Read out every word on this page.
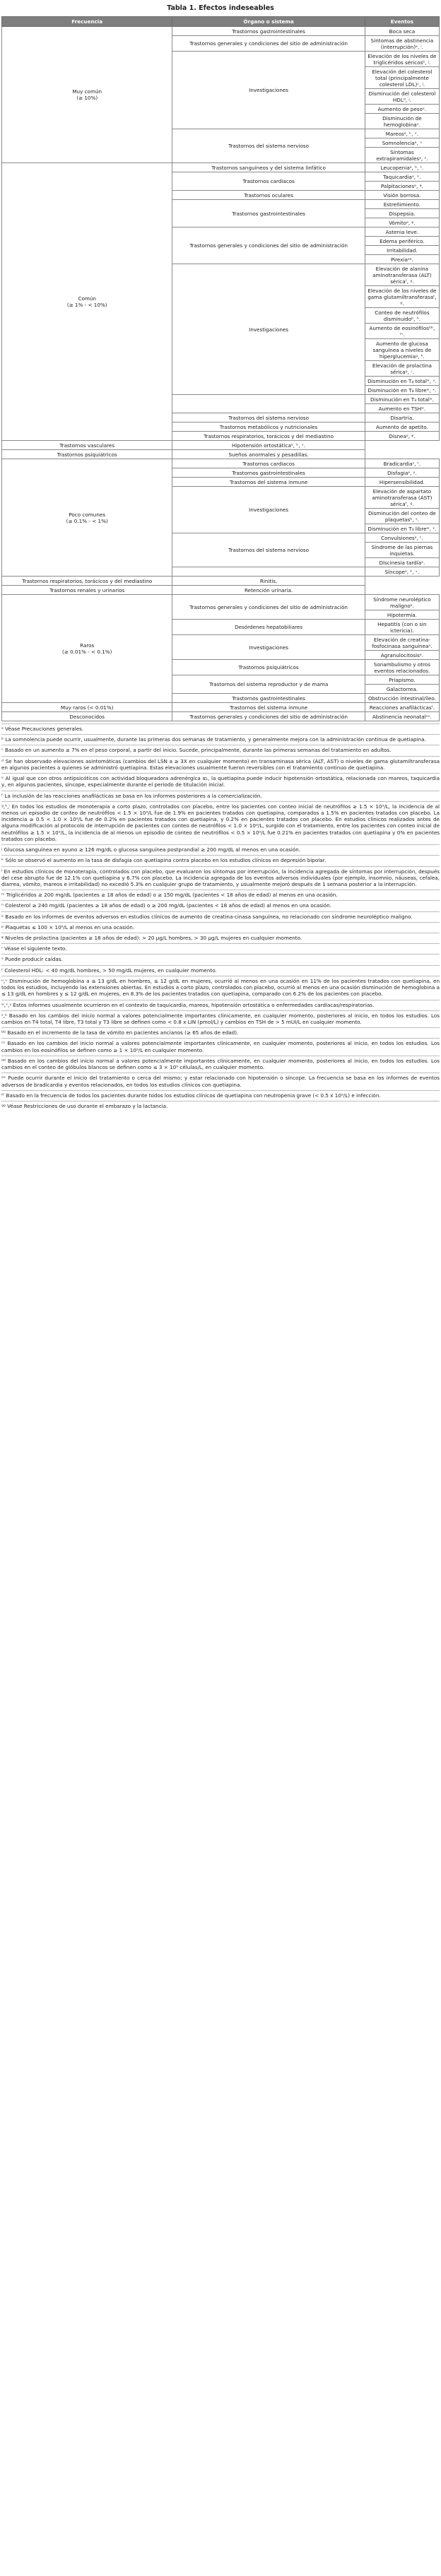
Tabla 1. Efectos indeseables
Frecuencia	Órgano o sistema	Eventos
Muy común
(≥ 10%)	Trastornos gastrointestinales	Boca seca
	Trastornos generales y condiciones del sitio de administración	Síntomas de abstinencia (interrupción)ᵃ, ⁱ.
	Investigaciones	Elevación de los niveles de triglicéridos séricosᵇ, ʲ.
		Elevación del colesterol total (principalmente colesterol LDL)ᶜ, ʲ.
		Disminución del colesterol HDLᵈ, ʲ.
		Aumento de pesoᵉ.
		Disminución de hemoglobinaᵘ.
	Trastornos del sistema nervioso	Mareosᵃ, ᵏ, ᵛ.
		Somnolenciaᵃ, ᵛ
		Síntomas extrapiramidalesᵃ, ᶻ.
Común
(≥ 1% - < 10%)	Trastornos sanguíneos y del sistema linfático	Leucopeniaᵃ, ᵇ, ᵗ.
	Trastornos cardiacos	Taquicardiaᵃ, ᵏ.
		Palpitacionesᵃ, ᵠ.
	Trastornos oculares	Visión borrosa.
	Trastornos gastrointestinales	Estreñimiento.
		Dispepsia.
		Vómitoᵃ, ᵠ.
	Trastornos generales y condiciones del sitio de administración	Astenia leve.
		Edema periférico.
		Irritabilidad.
		Pirexiaᵃᵃ.
	Investigaciones	Elevación de alanina aminotransferasa (ALT) séricaᶠ, ᵍ.
		Elevación de los niveles de gama glutamiltransferasaᶠ, ᵍ.
		Conteo de neutrófilos disminuidoᵇ, ʰ.
		Aumento de eosinófilosᵇᵇ, ᵐ.
		Aumento de glucosa sanguínea a niveles de hiperglucemiaᵍ, ʰ.
		Elevación de prolactina séricaᵖ, ʳ.
		Disminución en T₄ totalʷ, ˣ.
		Disminución en T₄ libreʷ, ˣ.
		Disminución en T₃ totalʷ.
		Aumento en TSHʷ.
	Trastornos del sistema nervioso	Disartria.
	Trastornos metabólicos y nutricionales	Aumento de apetito.
	Trastornos respiratorios, torácicos y del mediastino	Disneaᵃ, ᵠ.
Trastornos vasculares	Hipotensión ortostáticaᵃ, ᵏ, ᵛ.	
Trastornos psiquiátricos	Sueños anormales y pesadillas.	
Poco comunes
(≥ 0.1% - < 1%)	Trastornos cardiacos	Bradicardiaᶻ, ᵗ.
	Trastornos gastrointestinales	Disfagiaᵃ, ʸ.
	Trastornos del sistema inmune	Hipersensibilidad.
	Investigaciones	Elevación de aspartato aminotransferasa (AST) séricaᶠ, ᵍ.
		Disminución del conteo de plaquetasᵇ, ˢ.
		Disminución en T₃ libreʷ, ˣ.
	Trastornos del sistema nervioso	Convulsionesᵃ, ᵗ.
		Síndrome de las piernas inquietas.
		Discinesia tardíaᵃ.
		Síncopeᵃ, ᵏ, ᵛ.
Trastornos respiratorios, torácicos y del mediastino	Rinitis.	
Trastornos renales y urinarios	Retención urinaria.	
Raros
(≥ 0.01% - < 0.1%)	Trastornos generales y condiciones del sitio de administración	Síndrome neuroléptico malignoᵃ.
		Hipotermia.
	Desórdenes hepatobiliares	Hepatitis (con o sin ictericia).
	Investigaciones	Elevación de creatina-fosfocinasa sanguíneaᵃ.
		Agranulocitosisᵃ.
	Trastornos psiquiátricos	Sonambulismo y otros eventos relacionados.
	Trastornos del sistema reproductor y de mama	Priapismo.
		Galactorrea.
	Trastornos gastrointestinales	Obstrucción intestinal/íleo.
Muy raros (< 0.01%)	Trastornos del sistema inmune	Reacciones anafilácticasᶠ.
Desconocidos	Trastornos generales y condiciones del sitio de administración	Abstinencia neonatalᵉᵉ.
ᵃ Véase Precauciones generales.
ᵇ La somnolencia puede ocurrir, usualmente, durante las primeras dos semanas de tratamiento, y generalmente mejora con la administración continua de quetiapina.
ᶜ Basado en un aumento ≥ 7% en el peso corporal, a partir del inicio. Sucede, principalmente, durante las primeras semanas del tratamiento en adultos.
ᵈ Se han observado elevaciones asintomáticas (cambios del LSN a ≥ 3X en cualquier momento) en transaminasa sérica (ALT, AST) o niveles de gama glutamiltransferasa en algunos pacientes a quienes se administró quetiapina. Estas elevaciones usualmente fueron reversibles con el tratamiento continuo de quetiapina.
ᵉ Al igual que con otros antipsicóticos con actividad bloqueadora adrenérgica α₁, la quetiapina puede inducir hipotensión ortostática, relacionada con mareos, taquicardia y, en algunos pacientes, síncope, especialmente durante el periodo de titulación inicial.
ᶠ La inclusión de las reacciones anafilácticas se basa en los informes posteriores a la comercialización.
ᵍ,ʰ,ⁱ En todos los estudios de monoterapia a corto plazo, controlados con placebo, entre los pacientes con conteo inicial de neutrófilos ≥ 1.5 × 10⁹/L, la incidencia de al menos un episodio de conteo de neutrófilos < 1.5 × 10⁹/L fue de 1.9% en pacientes tratados con quetiapina, comparados a 1.5% en pacientes tratados con placebo. La incidencia ≥ 0.5 < 1.0 × 10⁹/L fue de 0.2% en pacientes tratados con quetiapina, y 0.2% en pacientes tratados con placebo. En estudios clínicos realizados antes de alguna modificación al protocolo de interrupción de pacientes con conteo de neutrófilos < 1.0 × 10⁹/L, surgido con el tratamiento, entre los pacientes con conteo inicial de neutrófilos ≥ 1.5 × 10⁹/L, la incidencia de al menos un episodio de conteo de neutrófilos < 0.5 × 10⁹/L fue 0.21% en pacientes tratados con quetiapina y 0% en pacientes tratados con placebo.
ʲ Glucosa sanguínea en ayuno ≥ 126 mg/dL o glucosa sanguínea postprandial ≥ 200 mg/dL al menos en una ocasión.
ᵏ Sólo se observó el aumento en la tasa de disfagia con quetiapina contra placebo en los estudios clínicos en depresión bipolar.
ˡ En estudios clínicos de monoterapia, controlados con placebo, que evaluaron los síntomas por interrupción, la incidencia agregada de síntomas por interrupción, después del cese abrupto fue de 12.1% con quetiapina y 6.7% con placebo. La incidencia agregada de los eventos adversos individuales (por ejemplo, insomnio, náuseas, cefalea, diarrea, vómito, mareos e irritabilidad) no excedió 5.3% en cualquier grupo de tratamiento, y usualmente mejoró después de 1 semana posterior a la interrupción.
ᵐ Triglicéridos ≥ 200 mg/dL (pacientes ≥ 18 años de edad) o ≥ 150 mg/dL (pacientes < 18 años de edad) al menos en una ocasión.
ⁿ Colesterol ≥ 240 mg/dL (pacientes ≥ 18 años de edad) o ≥ 200 mg/dL (pacientes < 18 años de edad) al menos en una ocasión.
ᵒ Basado en los informes de eventos adversos en estudios clínicos de aumento de creatina-cinasa sanguínea, no relacionado con síndrome neuroléptico maligno.
ᵖ Plaquetas ≤ 100 × 10⁹/L al menos en una ocasión.
ᵠ Niveles de prolactina (pacientes ≥ 18 años de edad): > 20 μg/L hombres, > 30 μg/L mujeres en cualquier momento.
ʳ Véase el siguiente texto.
ˢ Puede producir caídas.
ᵗ Colesterol HDL: < 40 mg/dL hombres, > 50 mg/dL mujeres, en cualquier momento.
ᵘ,ᵛ Disminución de hemoglobina a ≤ 13 g/dL en hombres, ≤ 12 g/dL en mujeres, ocurrió al menos en una ocasión en 11% de los pacientes tratados con quetiapina, en todos los estudios, incluyendo las extensiones abiertas. En estudios a corto plazo, controlados con placebo, ocurrió al menos en una ocasión disminución de hemoglobina a ≤ 13 g/dL en hombres y ≤ 12 g/dL en mujeres, en 8.3% de los pacientes tratados con quetiapina, comparado con 6.2% de los pacientes con placebo.
ʷ,ˣ,ʸ Estos informes usualmente ocurrieron en el contexto de taquicardia, mareos, hipotensión ortostática o enfermedades cardíacas/respiratorias.
ᶻ,ᵃ Basado en los cambios del inicio normal a valores potencialmente importantes clínicamente, en cualquier momento, posteriores al inicio, en todos los estudios. Los cambios en T4 total, T4 libre, T3 total y T3 libre se definen como < 0.8 x LIN (pmol/L) y cambios en TSH de > 5 mUI/L en cualquier momento.
ᵇᵇ Basado en el incremento de la tasa de vómito en pacientes ancianos (≥ 65 años de edad).
ᶜᶜ Basado en los cambios del inicio normal a valores potencialmente importantes clínicamente, en cualquier momento, posteriores al inicio, en todos los estudios. Los cambios en los eosinófilos se definen como ≥ 1 × 10⁹/L en cualquier momento.
ᵈᵈ Basado en los cambios del inicio normal a valores potencialmente importantes clínicamente, en cualquier momento, posteriores al inicio, en todos los estudios. Los cambios en el conteo de glóbulos blancos se definen como ≤ 3 × 10⁹ células/L, en cualquier momento.
ᵉᵉ Puede ocurrir durante el inicio del tratamiento o cerca del mismo; y estar relacionado con hipotensión o síncope. La frecuencia se basa en los informes de eventos adversos de bradicardia y eventos relacionados, en todos los estudios clínicos con quetiapina.
ᶠᶠ Basado en la frecuencia de todos los pacientes durante todos los estudios clínicos de quetiapina con neutropenia grave (< 0.5 x 10⁹/L) e infección.
ᵍᵍ Véase Restricciones de uso durante el embarazo y la lactancia.
